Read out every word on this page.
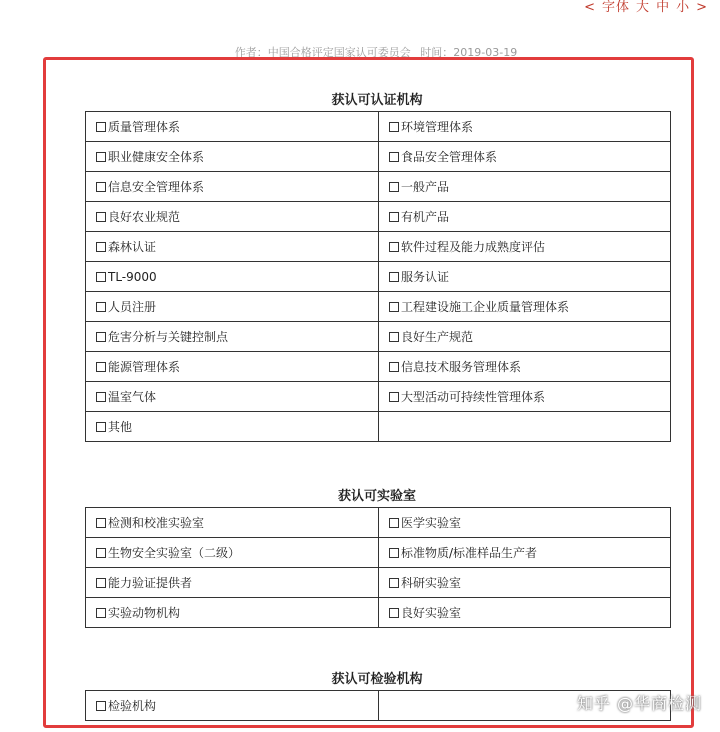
< 字体 大 中 小 >
作者：中国合格评定国家认可委员会 时间：2019-03-19
获认可认证机构
质量管理体系	环境管理体系
职业健康安全体系	食品安全管理体系
信息安全管理体系	一般产品
良好农业规范	有机产品
森林认证	软件过程及能力成熟度评估
TL-9000	服务认证
人员注册	工程建设施工企业质量管理体系
危害分析与关键控制点	良好生产规范
能源管理体系	信息技术服务管理体系
温室气体	大型活动可持续性管理体系
其他	
获认可实验室
检测和校准实验室	医学实验室
生物安全实验室（二级）	标准物质/标准样品生产者
能力验证提供者	科研实验室
实验动物机构	良好实验室
获认可检验机构
检验机构		知乎 @华商检测
